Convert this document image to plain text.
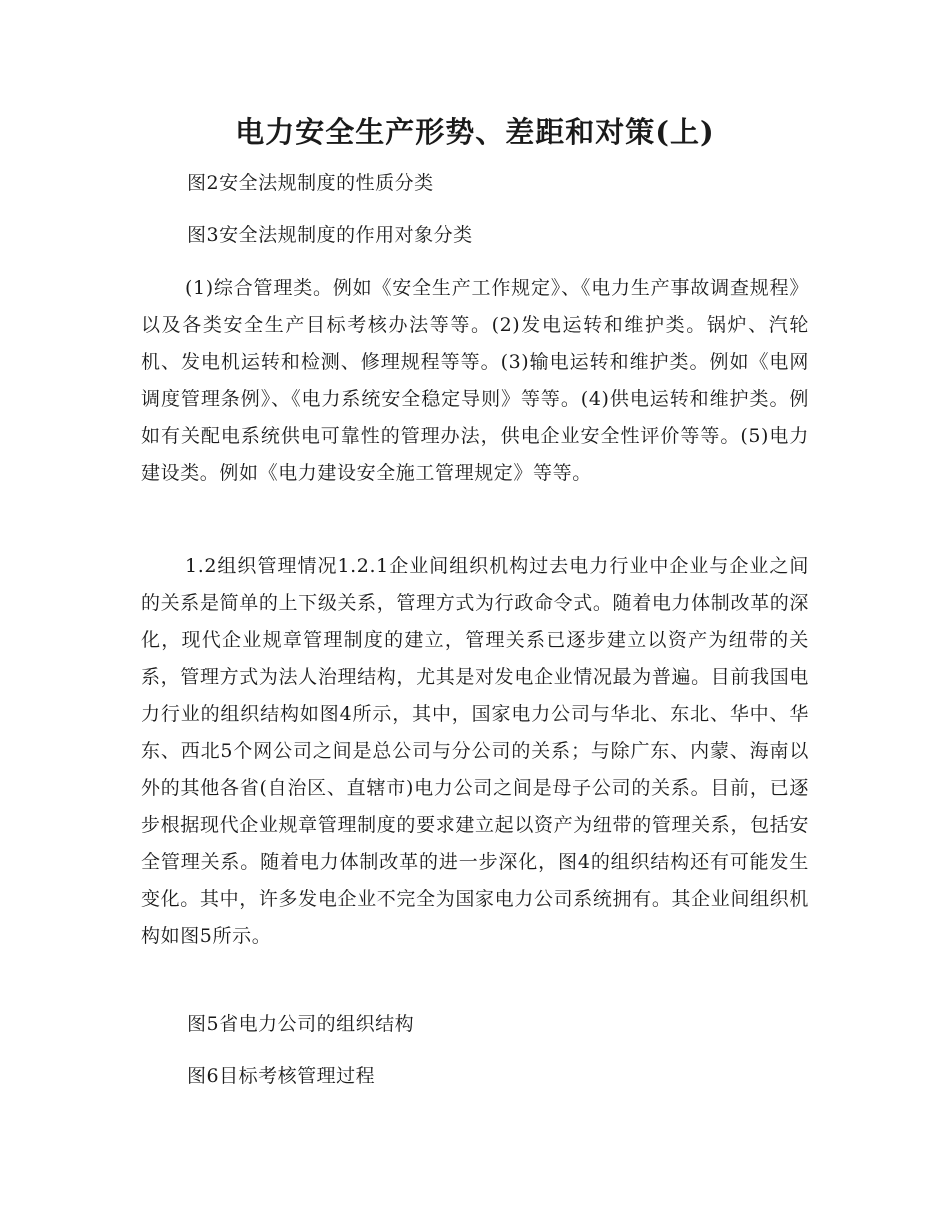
电力安全生产形势、差距和对策(上)

图2安全法规制度的性质分类

图3安全法规制度的作用对象分类

(1)综合管理类。例如《安全生产工作规定》、《电力生产事故调查规程》以及各类安全生产目标考核办法等等。(2)发电运转和维护类。锅炉、汽轮机、发电机运转和检测、修理规程等等。(3)输电运转和维护类。例如《电网调度管理条例》、《电力系统安全稳定导则》等等。(4)供电运转和维护类。例如有关配电系统供电可靠性的管理办法，供电企业安全性评价等等。(5)电力建设类。例如《电力建设安全施工管理规定》等等。

1.2组织管理情况1.2.1企业间组织机构过去电力行业中企业与企业之间的关系是简单的上下级关系，管理方式为行政命令式。随着电力体制改革的深化，现代企业规章管理制度的建立，管理关系已逐步建立以资产为纽带的关系，管理方式为法人治理结构，尤其是对发电企业情况最为普遍。目前我国电力行业的组织结构如图4所示，其中，国家电力公司与华北、东北、华中、华东、西北5个网公司之间是总公司与分公司的关系；与除广东、内蒙、海南以外的其他各省(自治区、直辖市)电力公司之间是母子公司的关系。目前，已逐步根据现代企业规章管理制度的要求建立起以资产为纽带的管理关系，包括安全管理关系。随着电力体制改革的进一步深化，图4的组织结构还有可能发生变化。其中，许多发电企业不完全为国家电力公司系统拥有。其企业间组织机构如图5所示。

图5省电力公司的组织结构

图6目标考核管理过程
